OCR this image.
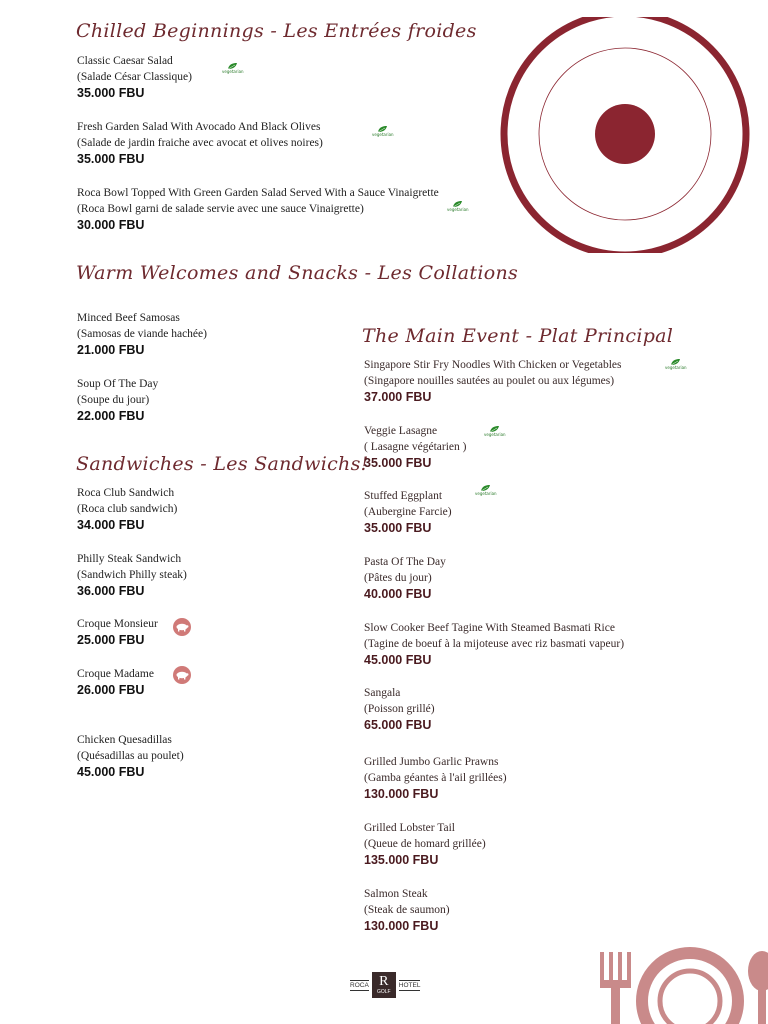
Chilled Beginnings - Les Entrées froides
Warm Welcomes and Snacks - Les Collations
Sandwiches - Les Sandwichs!
The Main Event - Plat Principal
Classic Caesar Salad
(Salade César Classique)
35.000 FBU
Fresh Garden Salad With Avocado And Black Olives
(Salade de jardin fraiche avec avocat et olives noires)
35.000 FBU
Roca Bowl Topped With Green Garden Salad Served With a Sauce Vinaigrette
(Roca Bowl garni de salade servie avec une sauce Vinaigrette)
30.000 FBU
Minced Beef Samosas
(Samosas de viande hachée)
21.000 FBU
Soup Of The Day
(Soupe du jour)
22.000 FBU
Roca Club Sandwich
(Roca club sandwich)
34.000 FBU
Philly Steak Sandwich
(Sandwich Philly steak)
36.000 FBU
Croque Monsieur
25.000 FBU
Croque Madame
26.000 FBU
Chicken Quesadillas
(Quésadillas au poulet)
45.000 FBU
Singapore Stir Fry Noodles With Chicken or Vegetables
(Singapore nouilles sautées au poulet ou aux légumes)
37.000 FBU
Veggie Lasagne
( Lasagne végétarien )
35.000 FBU
Stuffed Eggplant
(Aubergine Farcie)
35.000 FBU
Pasta Of The Day
(Pâtes du jour)
40.000 FBU
Slow Cooker Beef Tagine With Steamed Basmati Rice
(Tagine de boeuf à la mijoteuse avec riz basmati vapeur)
45.000 FBU
Sangala
(Poisson grillé)
65.000 FBU
Grilled Jumbo Garlic Prawns
(Gamba géantes à l'ail grillées)
130.000 FBU
Grilled Lobster Tail
(Queue de homard grillée)
135.000 FBU
Salmon Steak
(Steak de saumon)
130.000 FBU
vegetarian
vegetarian
vegetarian
vegetarian
vegetarian
vegetarian
ROCA R
GOLF
HOTEL
